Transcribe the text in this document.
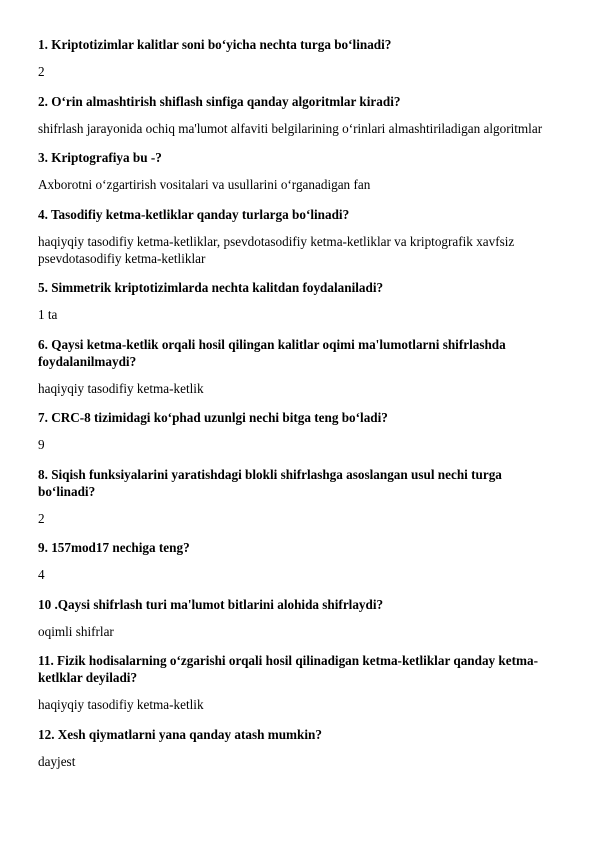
1. Kriptotizimlar kalitlar soni bo‘yicha nechta turga bo‘linadi?

2

2. O‘rin almashtirish shiflash sinfiga qanday algoritmlar kiradi?

shifrlash jarayonida ochiq ma'lumot alfaviti belgilarining o‘rinlari almashtiriladigan algoritmlar

3. Kriptografiya bu -?

Axborotni o‘zgartirish vositalari va usullarini o‘rganadigan fan

4. Tasodifiy ketma-ketliklar qanday turlarga bo‘linadi?

haqiyqiy tasodifiy ketma-ketliklar, psevdotasodifiy ketma-ketliklar va kriptografik xavfsiz psevdotasodifiy ketma-ketliklar

5. Simmetrik kriptotizimlarda nechta kalitdan foydalaniladi?

1 ta

6. Qaysi ketma-ketlik orqali hosil qilingan kalitlar oqimi ma'lumotlarni shifrlashda foydalanilmaydi?

haqiyqiy tasodifiy ketma-ketlik

7. CRC-8 tizimidagi ko‘phad uzunlgi nechi bitga teng bo‘ladi?

9

8. Siqish funksiyalarini yaratishdagi blokli shifrlashga asoslangan usul nechi turga bo‘linadi?

2

9. 157mod17 nechiga teng?

4

10 .Qaysi shifrlash turi ma'lumot bitlarini alohida shifrlaydi?

oqimli shifrlar

11. Fizik hodisalarning o‘zgarishi orqali hosil qilinadigan ketma-ketliklar qanday ketma-ketlklar deyiladi?

haqiyqiy tasodifiy ketma-ketlik

12. Xesh qiymatlarni yana qanday atash mumkin?

dayjest
